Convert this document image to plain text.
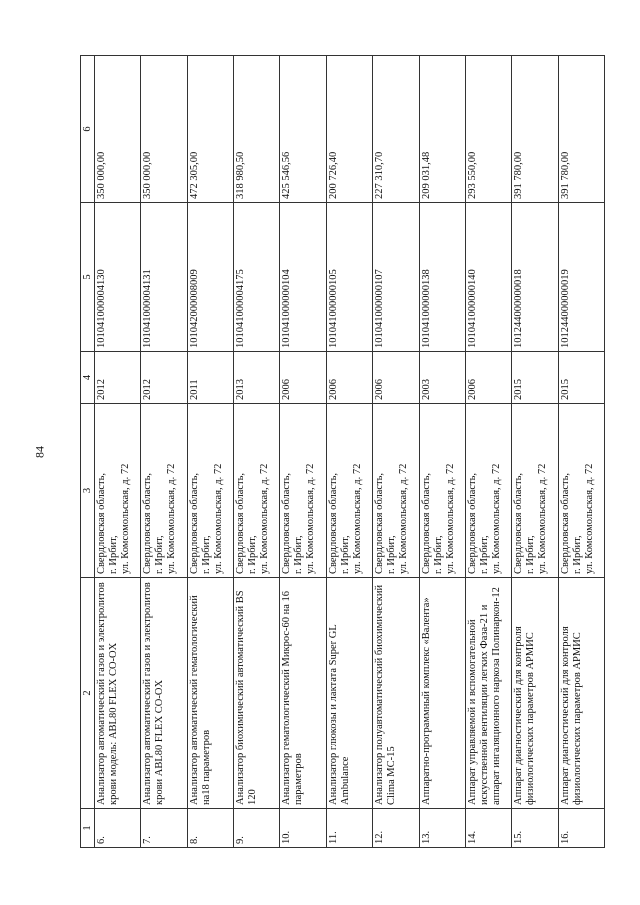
84
1	2	3	4	5	6
6.	Анализатор автоматический газов и электролитов крови модель: ABL80 FLEX CO-OX	Свердловская область, г. Ирбит, ул. Комсомольская, д. 72	2012	101041000004130	350 000,00
7.	Анализатор автоматический газов и электролитов крови ABL80 FLEX CO-OX	Свердловская область, г. Ирбит, ул. Комсомольская, д. 72	2012	101041000004131	350 000,00
8.	Анализатор автоматический гематологический на18 параметров	Свердловская область, г. Ирбит, ул. Комсомольская, д. 72	2011	101042000008009	472 305,00
9.	Анализатор биохимический автоматический BS 120	Свердловская область, г. Ирбит, ул. Комсомольская, д. 72	2013	101041000004175	318 980,50
10.	Анализатор гематологический Микрос-60 на 16 параметров	Свердловская область, г. Ирбит, ул. Комсомольская, д. 72	2006	101041000000104	425 546,56
11.	Анализатор глюкозы и лактата Super GL Ambulance	Свердловская область, г. Ирбит, ул. Комсомольская, д. 72	2006	101041000000105	200 726,40
12.	Анализатор полуавтоматический биохимический Clima MC-15	Свердловская область, г. Ирбит, ул. Комсомольская, д. 72	2006	101041000000107	227 310,70
13.	Аппаратно-программный комплекс «Валента»	Свердловская область, г. Ирбит, ул. Комсомольская, д. 72	2003	101041000000138	209 031,48
14.	Аппарат управляемой и вспомогательной искусственной вентиляции легких Фаза-21 и аппарат ингаляционного наркоза Полинаркон-12	Свердловская область, г. Ирбит, ул. Комсомольская, д. 72	2006	101041000000140	293 550,00
15.	Аппарат диагностический для контроля физиологических параметров АРМИС	Свердловская область, г. Ирбит, ул. Комсомольская, д. 72	2015	101244000000018	391 780,00
16.	Аппарат диагностический для контроля физиологических параметров АРМИС	Свердловская область, г. Ирбит, ул. Комсомольская, д. 72	2015	101244000000019	391 780,00
